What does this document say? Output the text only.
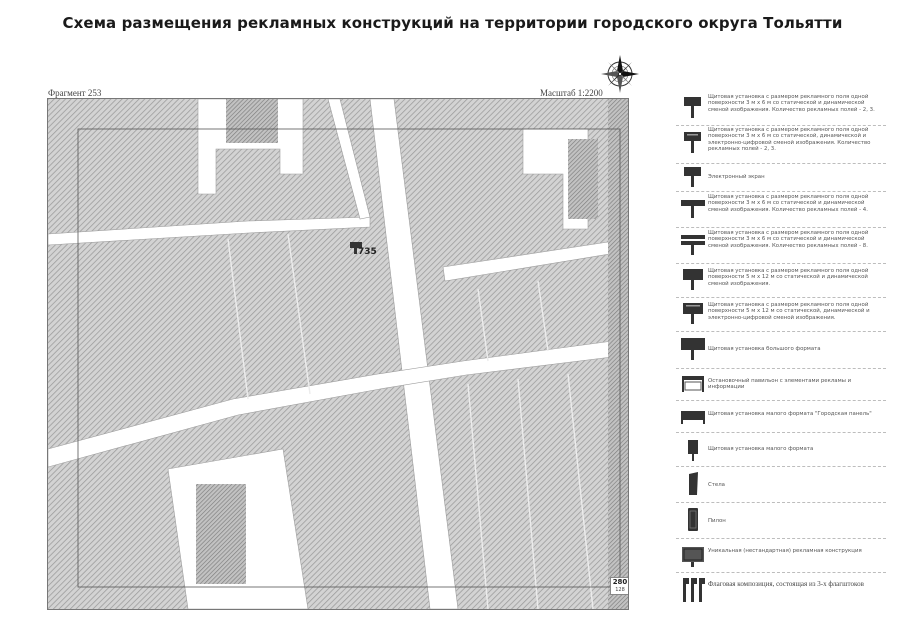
Схема размещения рекламных конструкций на территории городского округа Тольятти
Фрагмент 253	Масштаб 1:2200
735
280
128
Щитовая установка с размером рекламного поля одной поверхности 3 м х 6 м со статической и динамической сменой изображения. Количество рекламных полей - 2, 3.
Щитовая установка с размером рекламного поля одной поверхности 3 м х 6 м со статической, динамической и электронно-цифровой сменой изображения. Количество рекламных полей - 2, 3.
Электронный экран
Щитовая установка с размером рекламного поля одной поверхности 3 м х 6 м со статической и динамической сменой изображения. Количество рекламных полей - 4.
Щитовая установка с размером рекламного поля одной поверхности 3 м х 6 м со статической и динамической сменой изображения. Количество рекламных полей - 8.
Щитовая установка с размером рекламного поля одной поверхности 5 м х 12 м со статической и динамической сменой изображения.
Щитовая установка с размером рекламного поля одной поверхности 5 м х 12 м со статической, динамической и электронно-цифровой сменой изображения.
Щитовая установка большого формата
Остановочный павильон с элементами рекламы и информации
Щитовая установка малого формата "Городская панель"
Щитовая установка малого формата
Стела
Пилон
Уникальная (нестандартная) рекламная конструкция
Флаговая композиция, состоящая из 3-х флагштоков
